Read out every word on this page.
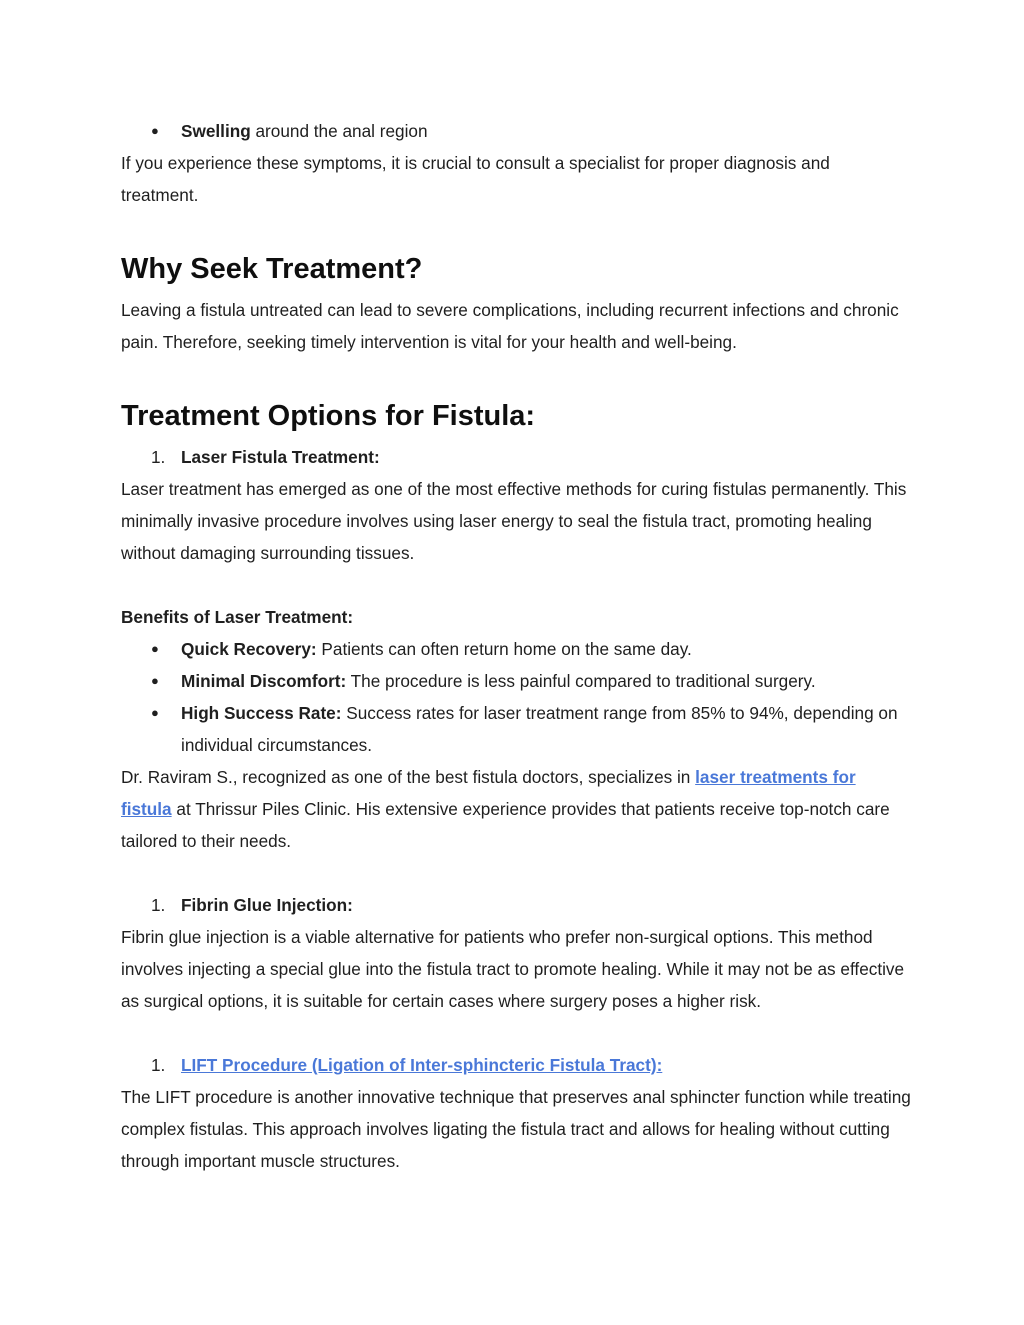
●	Swelling around the anal region

If you experience these symptoms, it is crucial to consult a specialist for proper diagnosis and treatment.

Why Seek Treatment?

Leaving a fistula untreated can lead to severe complications, including recurrent infections and chronic pain. Therefore, seeking timely intervention is vital for your health and well-being.

Treatment Options for Fistula:
1. Laser Fistula Treatment:

Laser treatment has emerged as one of the most effective methods for curing fistulas permanently. This minimally invasive procedure involves using laser energy to seal the fistula tract, promoting healing without damaging surrounding tissues.

Benefits of Laser Treatment:

●	Quick Recovery: Patients can often return home on the same day.
●	Minimal Discomfort: The procedure is less painful compared to traditional surgery.
●	High Success Rate: Success rates for laser treatment range from 85% to 94%, depending on individual circumstances.

Dr. Raviram S., recognized as one of the best fistula doctors, specializes in laser treatments for fistula at Thrissur Piles Clinic. His extensive experience provides that patients receive top-notch care tailored to their needs.

1. Fibrin Glue Injection:

Fibrin glue injection is a viable alternative for patients who prefer non-surgical options. This method involves injecting a special glue into the fistula tract to promote healing. While it may not be as effective as surgical options, it is suitable for certain cases where surgery poses a higher risk.

1. LIFT Procedure (Ligation of Inter-sphincteric Fistula Tract):

The LIFT procedure is another innovative technique that preserves anal sphincter function while treating complex fistulas. This approach involves ligating the fistula tract and allows for healing without cutting through important muscle structures.
